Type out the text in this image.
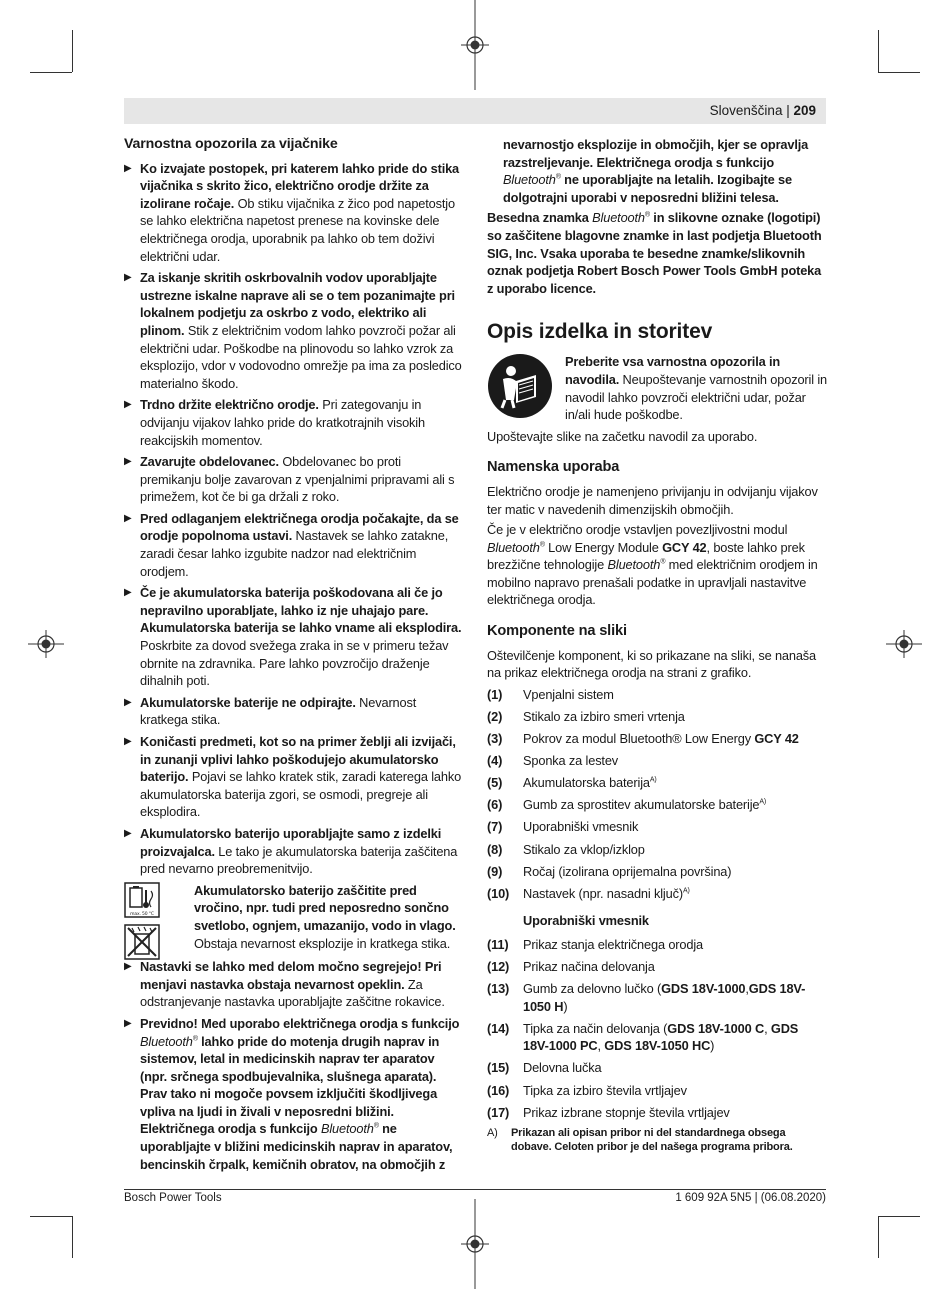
Slovenščina | 209
Varnostna opozorila za vijačnike
▶ Ko izvajate postopek, pri katerem lahko pride do stika vijačnika s skrito žico, električno orodje držite za izolirane ročaje. Ob stiku vijačnika z žico pod napetostjo se lahko električna napetost prenese na kovinske dele električnega orodja, uporabnik pa lahko ob tem doživi električni udar.
▶ Za iskanje skritih oskrbovalnih vodov uporabljajte ustrezne iskalne naprave ali se o tem pozanimajte pri lokalnem podjetju za oskrbo z vodo, elektriko ali plinom. Stik z električnim vodom lahko povzroči požar ali električni udar. Poškodbe na plinovodu so lahko vzrok za eksplozijo, vdor v vodovodno omrežje pa ima za posledico materialno škodo.
▶ Trdno držite električno orodje. Pri zategovanju in odvijanju vijakov lahko pride do kratkotrajnih visokih reakcijskih momentov.
▶ Zavarujte obdelovanec. Obdelovanec bo proti premikanju bolje zavarovan z vpenjalnimi pripravami ali s primežem, kot če bi ga držali z roko.
▶ Pred odlaganjem električnega orodja počakajte, da se orodje popolnoma ustavi. Nastavek se lahko zatakne, zaradi česar lahko izgubite nadzor nad električnim orodjem.
▶ Če je akumulatorska baterija poškodovana ali če jo nepravilno uporabljate, lahko iz nje uhajajo pare. Akumulatorska baterija se lahko vname ali eksplodira. Poskrbite za dovod svežega zraka in se v primeru težav obrnite na zdravnika. Pare lahko povzročijo draženje dihalnih poti.
▶ Akumulatorske baterije ne odpirajte. Nevarnost kratkega stika.
▶ Koničasti predmeti, kot so na primer žeblji ali izvijači, in zunanji vplivi lahko poškodujejo akumulatorsko baterijo. Pojavi se lahko kratek stik, zaradi katerega lahko akumulatorska baterija zgori, se osmodi, pregreje ali eksplodira.
▶ Akumulatorsko baterijo uporabljajte samo z izdelki proizvajalca. Le tako je akumulatorska baterija zaščitena pred nevarno preobremenitvijo.
max. 50 °C

Akumulatorsko baterijo zaščitite pred vročino, npr. tudi pred neposredno sončno svetlobo, ognjem, umazanijo, vodo in vlago. Obstaja nevarnost eksplozije in kratkega stika.
▶ Nastavki se lahko med delom močno segrejejo! Pri menjavi nastavka obstaja nevarnost opeklin. Za odstranjevanje nastavka uporabljajte zaščitne rokavice.
▶ Previdno! Med uporabo električnega orodja s funkcijo Bluetooth® lahko pride do motenja drugih naprav in sistemov, letal in medicinskih naprav ter aparatov (npr. srčnega spodbujevalnika, slušnega aparata). Prav tako ni mogoče povsem izključiti škodljivega vpliva na ljudi in živali v neposredni bližini. Električnega orodja s funkcijo Bluetooth® ne uporabljajte v bližini medicinskih naprav in aparatov, bencinskih črpalk, kemičnih obratov, na območjih z
nevarnostjo eksplozije in območjih, kjer se opravlja razstreljevanje. Električnega orodja s funkcijo Bluetooth® ne uporabljajte na letalih. Izogibajte se dolgotrajni uporabi v neposredni bližini telesa.
Besedna znamka Bluetooth® in slikovne oznake (logotipi) so zaščitene blagovne znamke in last podjetja Bluetooth SIG, Inc. Vsaka uporaba te besedne znamke/slikovnih oznak podjetja Robert Bosch Power Tools GmbH poteka z uporabo licence.
Opis izdelka in storitev
Preberite vsa varnostna opozorila in navodila. Neupoštevanje varnostnih opozoril in navodil lahko povzroči električni udar, požar in/ali hude poškodbe.
Upoštevajte slike na začetku navodil za uporabo.
Namenska uporaba
Električno orodje je namenjeno privijanju in odvijanju vijakov ter matic v navedenih dimenzijskih območjih.
Če je v električno orodje vstavljen povezljivostni modul Bluetooth® Low Energy Module GCY 42, boste lahko prek brezžične tehnologije Bluetooth® med električnim orodjem in mobilno napravo prenašali podatke in upravljali nastavitve električnega orodja.
Komponente na sliki
Oštevilčenje komponent, ki so prikazane na sliki, se nanaša na prikaz električnega orodja na strani z grafiko.
(1)	Vpenjalni sistem
(2)	Stikalo za izbiro smeri vrtenja
(3)	Pokrov za modul Bluetooth® Low Energy GCY 42
(4)	Sponka za lestev
(5)	Akumulatorska baterija$^{A)}$
(6)	Gumb za sprostitev akumulatorske baterije$^{A)}$
(7)	Uporabniški vmesnik
(8)	Stikalo za vklop/izklop
(9)	Ročaj (izolirana oprijemalna površina)
(10)	Nastavek (npr. nasadni ključ)$^{A)}$
Uporabniški vmesnik
(11)	Prikaz stanja električnega orodja
(12)	Prikaz načina delovanja
(13)	Gumb za delovno lučko (GDS 18V-1000,GDS 18V-1050 H)
(14)	Tipka za način delovanja (GDS 18V-1000 C, GDS 18V-1000 PC, GDS 18V-1050 HC)
(15)	Delovna lučka
(16)	Tipka za izbiro števila vrtljajev
(17)	Prikaz izbrane stopnje števila vrtljajev
A)	Prikazan ali opisan pribor ni del standardnega obsega dobave. Celoten pribor je del našega programa pribora.
Bosch Power Tools	1 609 92A 5N5 | (06.08.2020)
